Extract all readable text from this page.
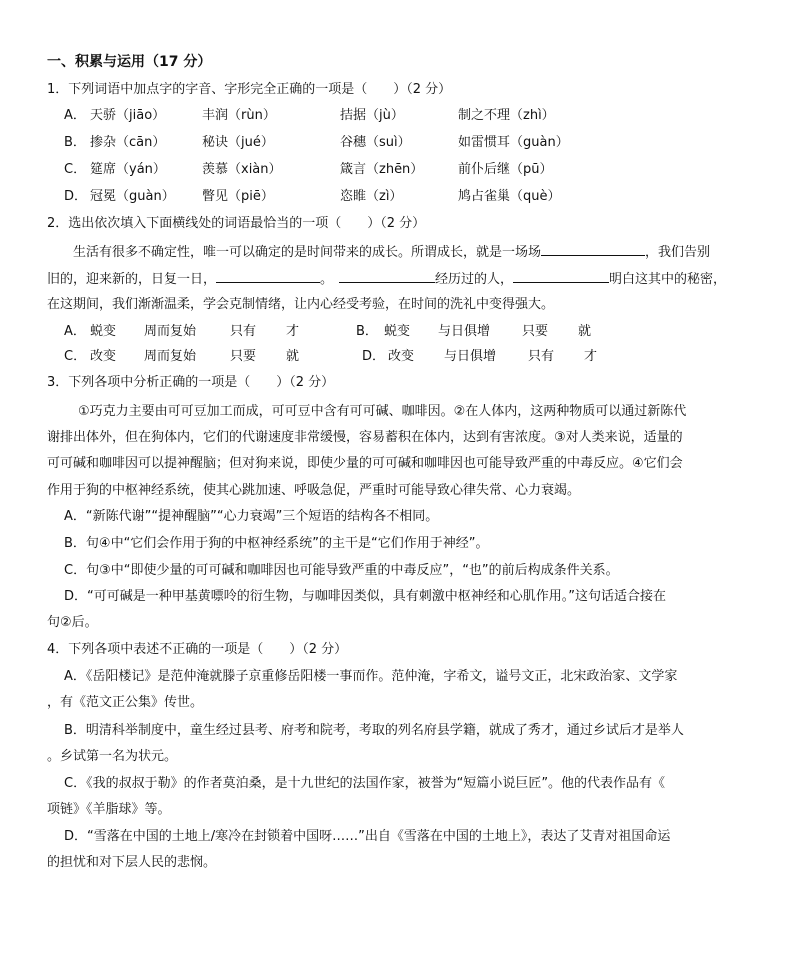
一、积累与运用（17 分）
1．下列词语中加点字的字音、字形完全正确的一项是（　　）（2 分）
A． 天骄（jiāo）	丰润（rùn）	拮据（jù）	制之不理（zhì）
B． 掺杂（cān）	秘诀（jué）	谷穗（suì）	如雷惯耳（guàn）
C． 筵席（yán）	羡慕（xiàn）	箴言（zhēn）	前仆后继（pū）
D． 冠冕（guàn） 瞥见（piē）	恣睢（zì）	鸠占雀巢（què）
2．选出依次填入下面横线处的词语最恰当的一项（　　）（2 分）
生活有很多不确定性，唯一可以确定的是时间带来的成长。所谓成长，就是一场场	，我们告别
旧的，迎来新的，日复一日，	。	经历过的人，	明白这其中的秘密，
在这期间，我们渐渐温柔，学会克制情绪，让内心经受考验，在时间的洗礼中变得强大。
A． 蜕变 周而复始	只有 才	B． 蜕变 与日俱增 只要 就
C． 改变 周而复始	只要 就	D． 改变 与日俱增 只有 才
3．下列各项中分析正确的一项是（　　）（2 分）
①巧克力主要由可可豆加工而成，可可豆中含有可可碱、咖啡因。②在人体内，这两种物质可以通过新陈代
谢排出体外，但在狗体内，它们的代谢速度非常缓慢，容易蓄积在体内，达到有害浓度。③对人类来说，适量的
可可碱和咖啡因可以提神醒脑；但对狗来说，即使少量的可可碱和咖啡因也可能导致严重的中毒反应。④它们会
作用于狗的中枢神经系统，使其心跳加速、呼吸急促，严重时可能导致心律失常、心力衰竭。
A．“新陈代谢”“提神醒脑”“心力衰竭”三个短语的结构各不相同。
B．句④中“它们会作用于狗的中枢神经系统”的主干是“它们作用于神经”。
C．句③中“即使少量的可可碱和咖啡因也可能导致严重的中毒反应”，“也”的前后构成条件关系。
D．“可可碱是一种甲基黄嘌呤的衍生物，与咖啡因类似，具有刺激中枢神经和心肌作用。”这句话适合接在
句②后。
4．下列各项中表述不正确的一项是（　　）（2 分）
A．《岳阳楼记》是范仲淹就滕子京重修岳阳楼一事而作。范仲淹，字希文，谥号文正，北宋政治家、文学家
，有《范文正公集》传世。
B．明清科举制度中，童生经过县考、府考和院考，考取的列名府县学籍，就成了秀才，通过乡试后才是举人
。乡试第一名为状元。
C．《我的叔叔于勒》的作者莫泊桑，是十九世纪的法国作家，被誉为“短篇小说巨匠”。他的代表作品有《
项链》《羊脂球》等。
D．“雪落在中国的土地上/寒冷在封锁着中国呀……”出自《雪落在中国的土地上》，表达了艾青对祖国命运
的担忧和对下层人民的悲悯。
